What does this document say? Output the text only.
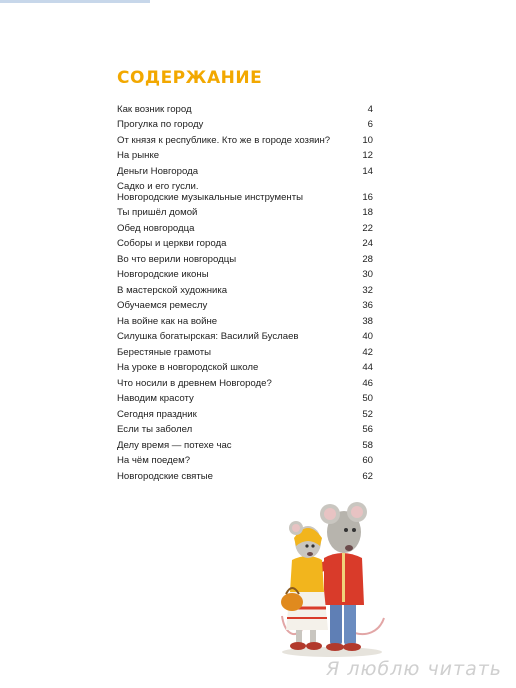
СОДЕРЖАНИЕ
Как возник город	4
Прогулка по городу	6
От князя к республике. Кто же в городе хозяин?	10
На рынке	12
Деньги Новгорода	14
Садко и его гусли.
Новгородские музыкальные инструменты	16
Ты пришёл домой	18
Обед новгородца	22
Соборы и церкви города	24
Во что верили новгородцы	28
Новгородские иконы	30
В мастерской художника	32
Обучаемся ремеслу	36
На войне как на войне	38
Силушка богатырская: Василий Буслаев	40
Берестяные грамоты	42
На уроке в новгородской школе	44
Что носили в древнем Новгороде?	46
Наводим красоту	50
Сегодня праздник	52
Если ты заболел	56
Делу время — потехе час	58
На чём поедем?	60
Новгородские святые	62
Я люблю читать
